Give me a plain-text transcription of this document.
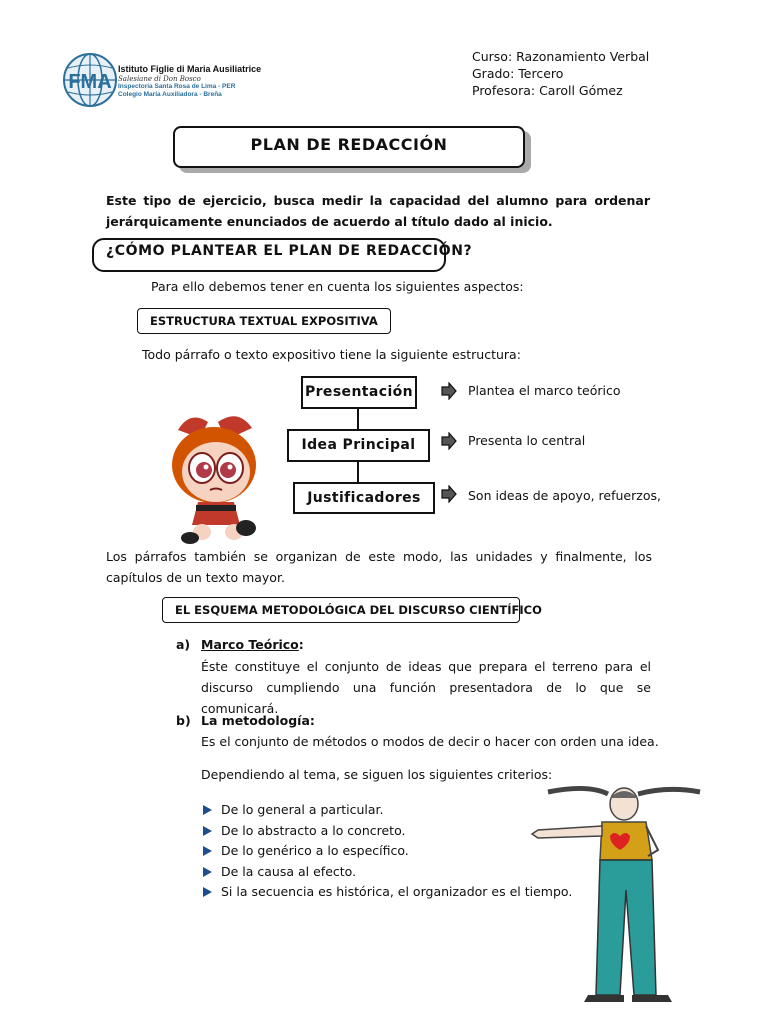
FMA
Istituto Figlie di Maria Ausiliatrice
Salesiane di Don Bosco
Inspectoría Santa Rosa de Lima - PER
Colegio María Auxiliadora - Breña
Curso: Razonamiento Verbal
Grado: Tercero
Profesora: Caroll Gómez
PLAN DE REDACCIÓN
Este tipo de ejercicio, busca medir la capacidad del alumno para ordenar jerárquicamente enunciados de acuerdo al título dado al inicio.
¿CÓMO PLANTEAR EL PLAN DE REDACCIÓN?
Para ello debemos tener en cuenta los siguientes aspectos:
ESTRUCTURA TEXTUAL EXPOSITIVA
Todo párrafo o texto expositivo tiene la siguiente estructura:
Presentación
Idea Principal
Justificadores
Plantea el marco teórico
Presenta lo central
Son ideas de apoyo, refuerzos,
Los párrafos también se organizan de este modo, las unidades y finalmente, los capítulos de un texto mayor.
EL ESQUEMA METODOLÓGICA DEL DISCURSO CIENTÍFICO
a) Marco Teórico:
Éste constituye el conjunto de ideas que prepara el terreno para el discurso cumpliendo una función presentadora de lo que se comunicará.
b) La metodología:
Es el conjunto de métodos o modos de decir o hacer con orden una idea.
Dependiendo al tema, se siguen los siguientes criterios:
De lo general a particular.
De lo abstracto a lo concreto.
De lo genérico a lo específico.
De la causa al efecto.
Si la secuencia es histórica, el organizador es el tiempo.
